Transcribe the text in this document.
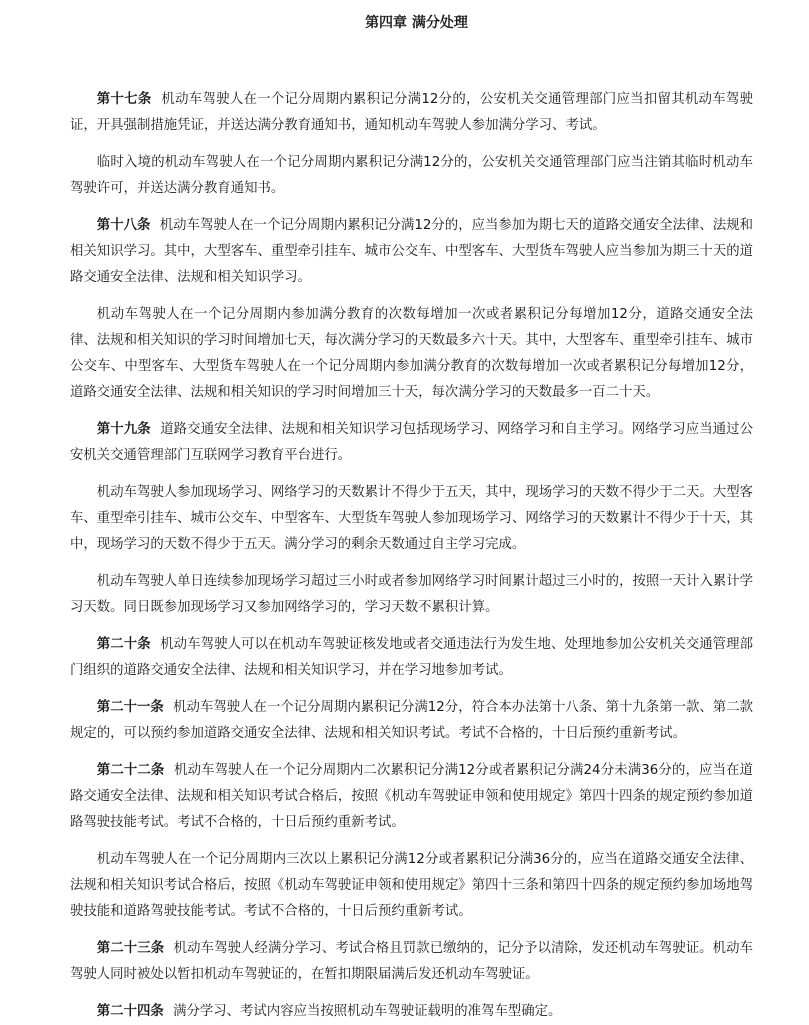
第四章 满分处理
第十七条 机动车驾驶人在一个记分周期内累积记分满12分的，公安机关交通管理部门应当扣留其机动车驾驶证，开具强制措施凭证，并送达满分教育通知书，通知机动车驾驶人参加满分学习、考试。
临时入境的机动车驾驶人在一个记分周期内累积记分满12分的，公安机关交通管理部门应当注销其临时机动车驾驶许可，并送达满分教育通知书。
第十八条 机动车驾驶人在一个记分周期内累积记分满12分的，应当参加为期七天的道路交通安全法律、法规和相关知识学习。其中，大型客车、重型牵引挂车、城市公交车、中型客车、大型货车驾驶人应当参加为期三十天的道路交通安全法律、法规和相关知识学习。
机动车驾驶人在一个记分周期内参加满分教育的次数每增加一次或者累积记分每增加12分，道路交通安全法律、法规和相关知识的学习时间增加七天，每次满分学习的天数最多六十天。其中，大型客车、重型牵引挂车、城市公交车、中型客车、大型货车驾驶人在一个记分周期内参加满分教育的次数每增加一次或者累积记分每增加12分，道路交通安全法律、法规和相关知识的学习时间增加三十天，每次满分学习的天数最多一百二十天。
第十九条 道路交通安全法律、法规和相关知识学习包括现场学习、网络学习和自主学习。网络学习应当通过公安机关交通管理部门互联网学习教育平台进行。
机动车驾驶人参加现场学习、网络学习的天数累计不得少于五天，其中，现场学习的天数不得少于二天。大型客车、重型牵引挂车、城市公交车、中型客车、大型货车驾驶人参加现场学习、网络学习的天数累计不得少于十天，其中，现场学习的天数不得少于五天。满分学习的剩余天数通过自主学习完成。
机动车驾驶人单日连续参加现场学习超过三小时或者参加网络学习时间累计超过三小时的，按照一天计入累计学习天数。同日既参加现场学习又参加网络学习的，学习天数不累积计算。
第二十条 机动车驾驶人可以在机动车驾驶证核发地或者交通违法行为发生地、处理地参加公安机关交通管理部门组织的道路交通安全法律、法规和相关知识学习，并在学习地参加考试。
第二十一条 机动车驾驶人在一个记分周期内累积记分满12分，符合本办法第十八条、第十九条第一款、第二款规定的，可以预约参加道路交通安全法律、法规和相关知识考试。考试不合格的，十日后预约重新考试。
第二十二条 机动车驾驶人在一个记分周期内二次累积记分满12分或者累积记分满24分未满36分的，应当在道路交通安全法律、法规和相关知识考试合格后，按照《机动车驾驶证申领和使用规定》第四十四条的规定预约参加道路驾驶技能考试。考试不合格的，十日后预约重新考试。
机动车驾驶人在一个记分周期内三次以上累积记分满12分或者累积记分满36分的，应当在道路交通安全法律、法规和相关知识考试合格后，按照《机动车驾驶证申领和使用规定》第四十三条和第四十四条的规定预约参加场地驾驶技能和道路驾驶技能考试。考试不合格的，十日后预约重新考试。
第二十三条 机动车驾驶人经满分学习、考试合格且罚款已缴纳的，记分予以清除，发还机动车驾驶证。机动车驾驶人同时被处以暂扣机动车驾驶证的，在暂扣期限届满后发还机动车驾驶证。
第二十四条 满分学习、考试内容应当按照机动车驾驶证载明的准驾车型确定。
